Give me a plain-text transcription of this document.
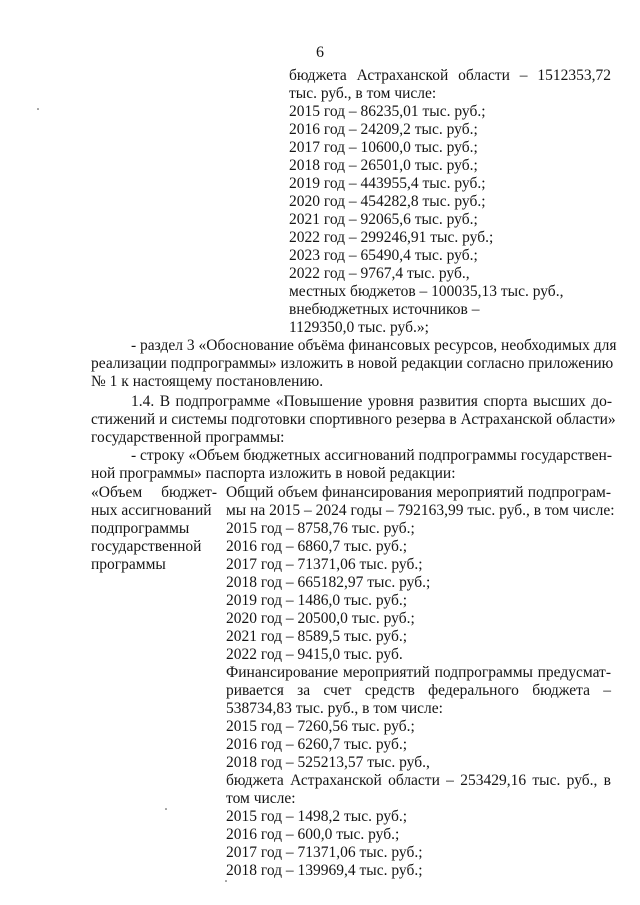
6
бюджета Астраханской области – 1512353,72
тыс. руб., в том числе:
2015 год – 86235,01 тыс. руб.;
2016 год – 24209,2 тыс. руб.;
2017 год – 10600,0 тыс. руб.;
2018 год – 26501,0 тыс. руб.;
2019 год – 443955,4 тыс. руб.;
2020 год – 454282,8 тыс. руб.;
2021 год – 92065,6 тыс. руб.;
2022 год – 299246,91 тыс. руб.;
2023 год – 65490,4 тыс. руб.;
2022 год – 9767,4 тыс. руб.,
местных бюджетов – 100035,13 тыс. руб.,
внебюджетных источников –
1129350,0 тыс. руб.»;
- раздел 3 «Обоснование объёма финансовых ресурсов, необходимых для
реализации подпрограммы» изложить в новой редакции согласно приложению
№ 1 к настоящему постановлению.
1.4. В подпрограмме «Повышение уровня развития спорта высших до-
стижений и системы подготовки спортивного резерва в Астраханской области»
государственной программы:
- строку «Объем бюджетных ассигнований подпрограммы государствен-
ной программы» паспорта изложить в новой редакции:
«Объем бюджет-
ных ассигнований
подпрограммы
государственной
программы
Общий объем финансирования мероприятий подпрограм-
мы на 2015 – 2024 годы – 792163,99 тыс. руб., в том числе:
2015 год – 8758,76 тыс. руб.;
2016 год – 6860,7 тыс. руб.;
2017 год – 71371,06 тыс. руб.;
2018 год – 665182,97 тыс. руб.;
2019 год – 1486,0 тыс. руб.;
2020 год – 20500,0 тыс. руб.;
2021 год – 8589,5 тыс. руб.;
2022 год – 9415,0 тыс. руб.
Финансирование мероприятий подпрограммы предусмат-
ривается за счет средств федерального бюджета –
538734,83 тыс. руб., в том числе:
2015 год – 7260,56 тыс. руб.;
2016 год – 6260,7 тыс. руб.;
2018 год – 525213,57 тыс. руб.,
бюджета Астраханской области – 253429,16 тыс. руб., в
том числе:
2015 год – 1498,2 тыс. руб.;
2016 год – 600,0 тыс. руб.;
2017 год – 71371,06 тыс. руб.;
2018 год – 139969,4 тыс. руб.;
